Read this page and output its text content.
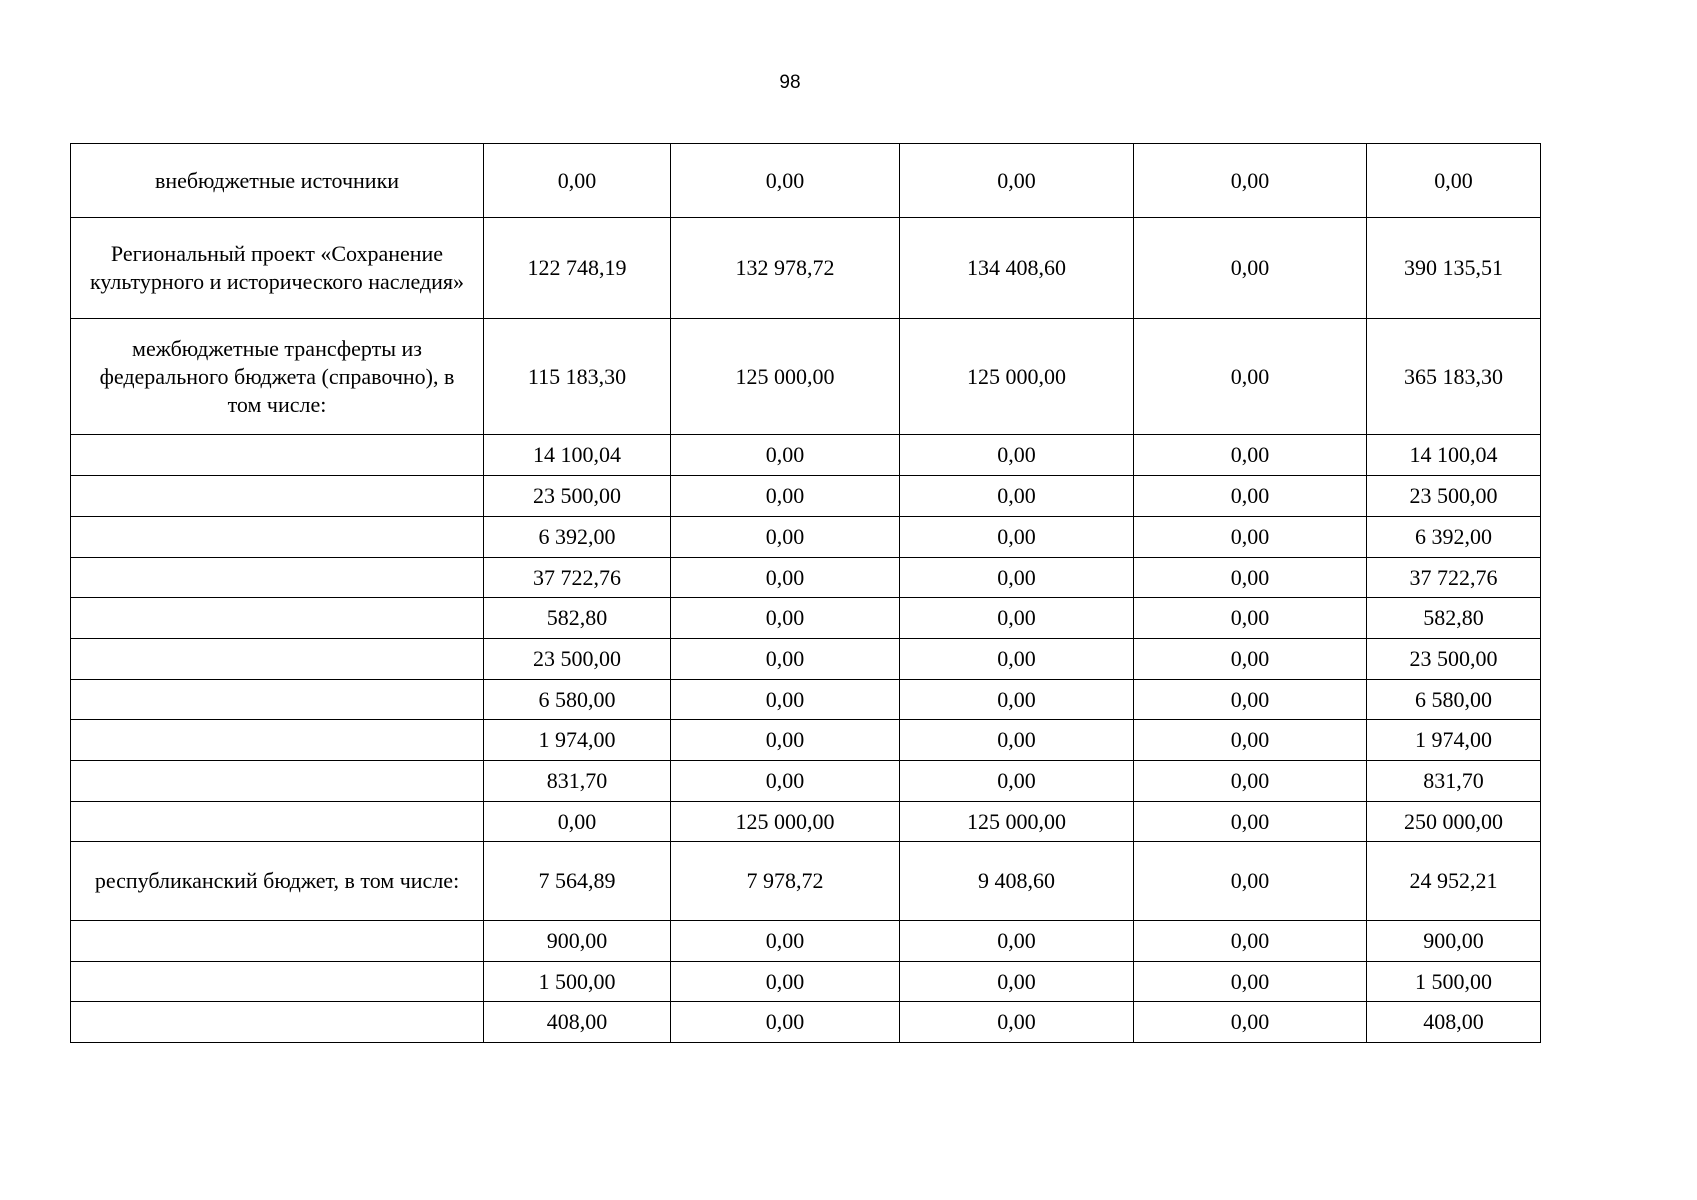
98
внебюджетные источники	0,00	0,00	0,00	0,00	0,00
Региональный проект «Сохранение культурного и исторического наследия»	122 748,19	132 978,72	134 408,60	0,00	390 135,51
межбюджетные трансферты из федерального бюджета (справочно), в том числе:	115 183,30	125 000,00	125 000,00	0,00	365 183,30
	14 100,04	0,00	0,00	0,00	14 100,04
	23 500,00	0,00	0,00	0,00	23 500,00
	6 392,00	0,00	0,00	0,00	6 392,00
	37 722,76	0,00	0,00	0,00	37 722,76
	582,80	0,00	0,00	0,00	582,80
	23 500,00	0,00	0,00	0,00	23 500,00
	6 580,00	0,00	0,00	0,00	6 580,00
	1 974,00	0,00	0,00	0,00	1 974,00
	831,70	0,00	0,00	0,00	831,70
	0,00	125 000,00	125 000,00	0,00	250 000,00
республиканский бюджет, в том числе:	7 564,89	7 978,72	9 408,60	0,00	24 952,21
	900,00	0,00	0,00	0,00	900,00
	1 500,00	0,00	0,00	0,00	1 500,00
	408,00	0,00	0,00	0,00	408,00
